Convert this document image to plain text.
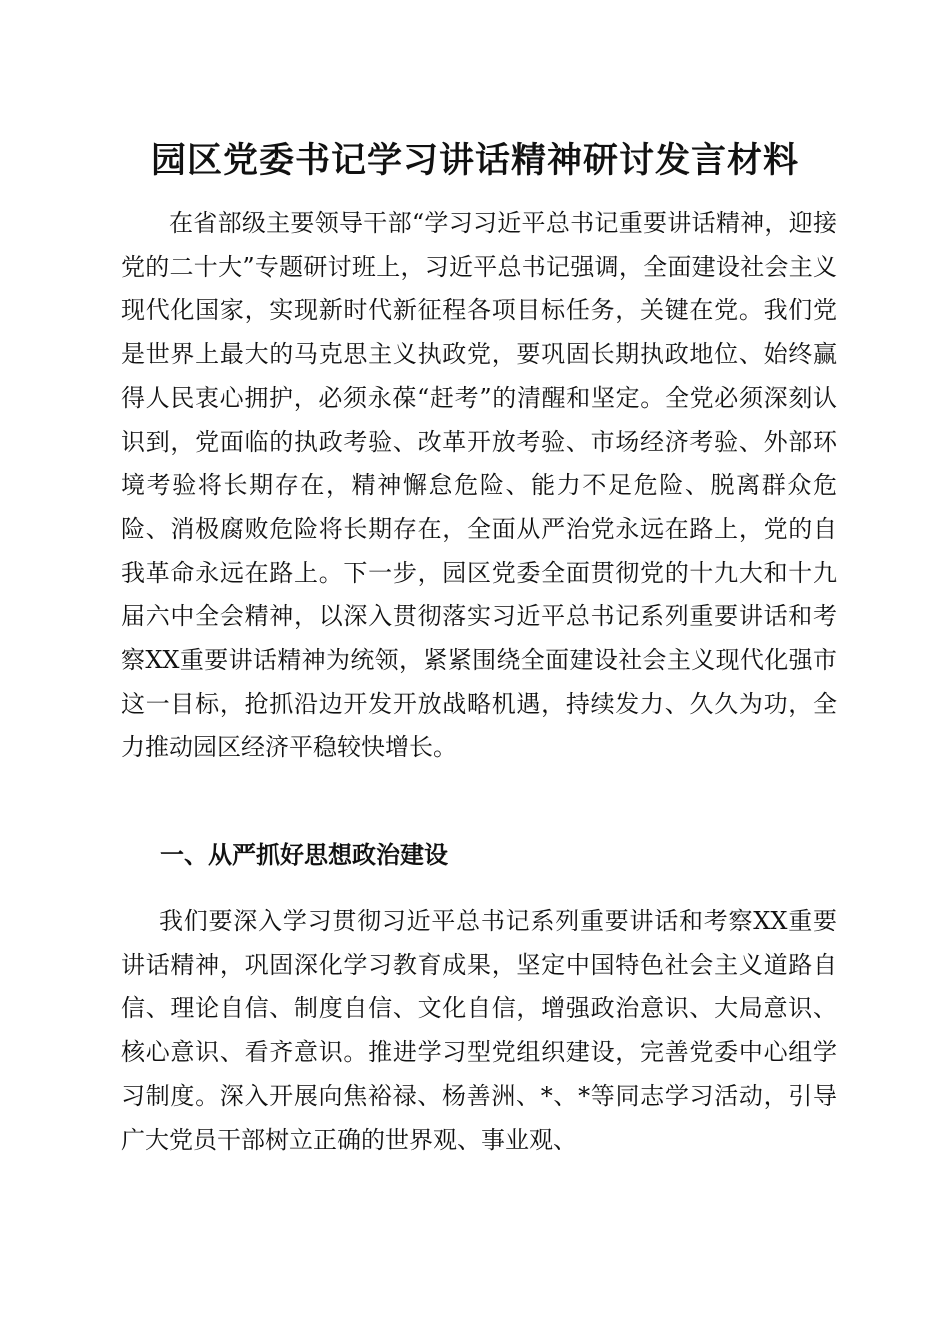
园区党委书记学习讲话精神研讨发言材料

在省部级主要领导干部“学习习近平总书记重要讲话精神，迎接党的二十大”专题研讨班上，习近平总书记强调，全面建设社会主义现代化国家，实现新时代新征程各项目标任务，关键在党。我们党是世界上最大的马克思主义执政党，要巩固长期执政地位、始终赢得人民衷心拥护，必须永葆“赶考”的清醒和坚定。全党必须深刻认识到，党面临的执政考验、改革开放考验、市场经济考验、外部环境考验将长期存在，精神懈怠危险、能力不足危险、脱离群众危险、消极腐败危险将长期存在，全面从严治党永远在路上，党的自我革命永远在路上。下一步，园区党委全面贯彻党的十九大和十九届六中全会精神，以深入贯彻落实习近平总书记系列重要讲话和考察XX重要讲话精神为统领，紧紧围绕全面建设社会主义现代化强市这一目标，抢抓沿边开发开放战略机遇，持续发力、久久为功，全力推动园区经济平稳较快增长。

一、从严抓好思想政治建设

我们要深入学习贯彻习近平总书记系列重要讲话和考察XX重要讲话精神，巩固深化学习教育成果，坚定中国特色社会主义道路自信、理论自信、制度自信、文化自信，增强政治意识、大局意识、核心意识、看齐意识。推进学习型党组织建设，完善党委中心组学习制度。深入开展向焦裕禄、杨善洲、*、*等同志学习活动，引导广大党员干部树立正确的世界观、事业观、
